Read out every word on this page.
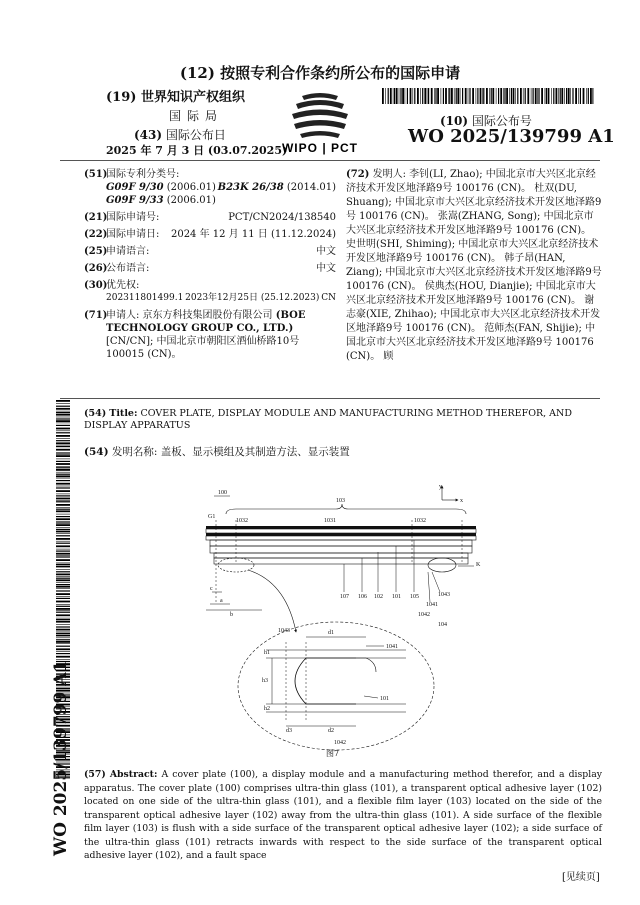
(12) 按照专利合作条约所公布的国际申请
(19) 世界知识产权组织
国际局
(43) 国际公布日
2025 年 7 月 3 日 (03.07.2025)
WIPO | PCT
(10) 国际公布号
WO 2025/139799 A1
(51)
国际专利分类号:
G09F 9/30 (2006.01) B23K 26/38 (2014.01)
G09F 9/33 (2006.01)
(21)
国际申请号:	PCT/CN2024/138540
(22)
国际申请日: 2024 年 12 月 11 日 (11.12.2024)
(25)
申请语言:	中文
(26)
公布语言:	中文
(30)
优先权:
202311801499.1 2023年12月25日 (25.12.2023) CN
(71)
申请人: 京东方科技集团股份有限公司 (BOE TECHNOLOGY GROUP CO., LTD.) [CN/CN]; 中国北京市朝阳区酒仙桥路10号 100015 (CN)。
(72) 发明人: 李钊(LI, Zhao); 中国北京市大兴区北京经济技术开发区地泽路9号 100176 (CN)。 杜双(DU, Shuang); 中国北京市大兴区北京经济技术开发区地泽路9号 100176 (CN)。 张嵩(ZHANG, Song); 中国北京市大兴区北京经济技术开发区地泽路9号 100176 (CN)。 史世明(SHI, Shiming); 中国北京市大兴区北京经济技术开发区地泽路9号 100176 (CN)。 韩子昂(HAN, Ziang); 中国北京市大兴区北京经济技术开发区地泽路9号 100176 (CN)。 侯典杰(HOU, Dianjie); 中国北京市大兴区北京经济技术开发区地泽路9号 100176 (CN)。 谢志豪(XIE, Zhihao); 中国北京市大兴区北京经济技术开发区地泽路9号 100176 (CN)。 范师杰(FAN, Shijie); 中国北京市大兴区北京经济技术开发区地泽路9号 100176 (CN)。 顾
WO 2025/139799 A1
(54) Title: COVER PLATE, DISPLAY MODULE AND MANUFACTURING METHOD THEREFOR, AND DISPLAY APPARATUS
(54) 发明名称: 盖板、显示模组及其制造方法、显示装置
y
x
100
103
G1
1032	1031	1032
K
c
a
b
107 106 102 101 105	1043
1041
1042
104
1043	d1
1041
h1
h3
h2
101
d3	d2
1042
图7
(57) Abstract: A cover plate (100), a display module and a manufacturing method therefor, and a display apparatus. The cover plate (100) comprises ultra-thin glass (101), a transparent optical adhesive layer (102) located on one side of the ultra-thin glass (101), and a flexible film layer (103) located on the side of the transparent optical adhesive layer (102) away from the ultra-thin glass (101). A side surface of the flexible film layer (103) is flush with a side surface of the transparent optical adhesive layer (102); a side surface of the ultra-thin glass (101) retracts inwards with respect to the side surface of the transparent optical adhesive layer (102), and a fault space
[见续页]
